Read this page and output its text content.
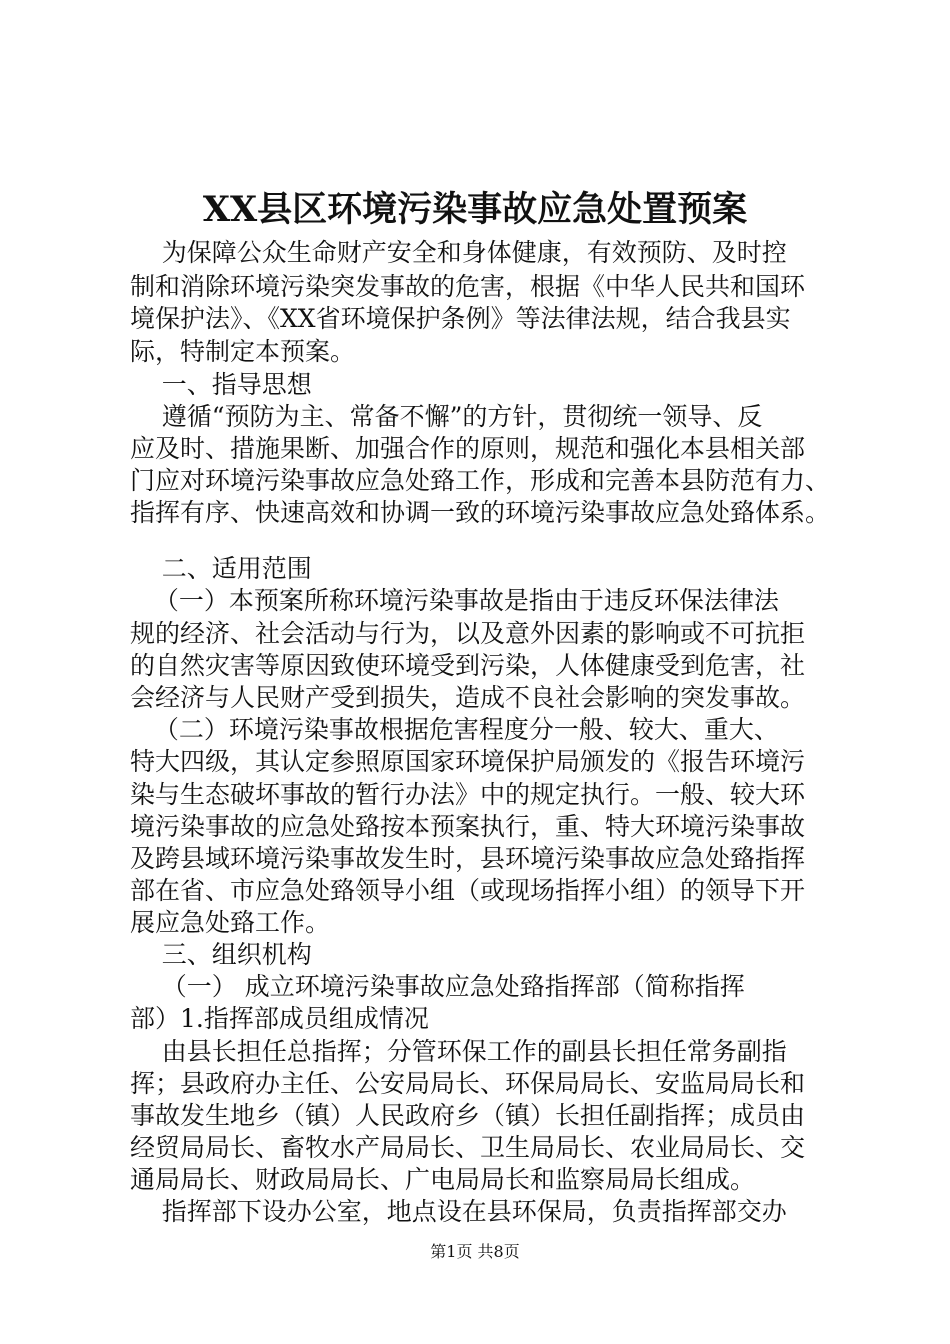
XX县区环境污染事故应急处置预案
为保障公众生命财产安全和身体健康，有效预防、及时控
制和消除环境污染突发事故的危害，根据《中华人民共和国环
境保护法》、《XX省环境保护条例》等法律法规，结合我县实
际，特制定本预案。
一、指导思想
遵循“预防为主、常备不懈”的方针，贯彻统一领导、反
应及时、措施果断、加强合作的原则，规范和强化本县相关部
门应对环境污染事故应急处臵工作，形成和完善本县防范有力、
指挥有序、快速高效和协调一致的环境污染事故应急处臵体系。
二、适用范围
（一）本预案所称环境污染事故是指由于违反环保法律法
规的经济、社会活动与行为，以及意外因素的影响或不可抗拒
的自然灾害等原因致使环境受到污染，人体健康受到危害，社
会经济与人民财产受到损失，造成不良社会影响的突发事故。
（二）环境污染事故根据危害程度分一般、较大、重大、
特大四级，其认定参照原国家环境保护局颁发的《报告环境污
染与生态破坏事故的暂行办法》中的规定执行。一般、较大环
境污染事故的应急处臵按本预案执行，重、特大环境污染事故
及跨县域环境污染事故发生时，县环境污染事故应急处臵指挥
部在省、市应急处臵领导小组（或现场指挥小组）的领导下开
展应急处臵工作。
三、组织机构
（一） 成立环境污染事故应急处臵指挥部（简称指挥
部）1.指挥部成员组成情况
由县长担任总指挥；分管环保工作的副县长担任常务副指
挥；县政府办主任、公安局局长、环保局局长、安监局局长和
事故发生地乡（镇）人民政府乡（镇）长担任副指挥；成员由
经贸局局长、畜牧水产局局长、卫生局局长、农业局局长、交
通局局长、财政局局长、广电局局长和监察局局长组成。
指挥部下设办公室，地点设在县环保局，负责指挥部交办
第1页 共8页
